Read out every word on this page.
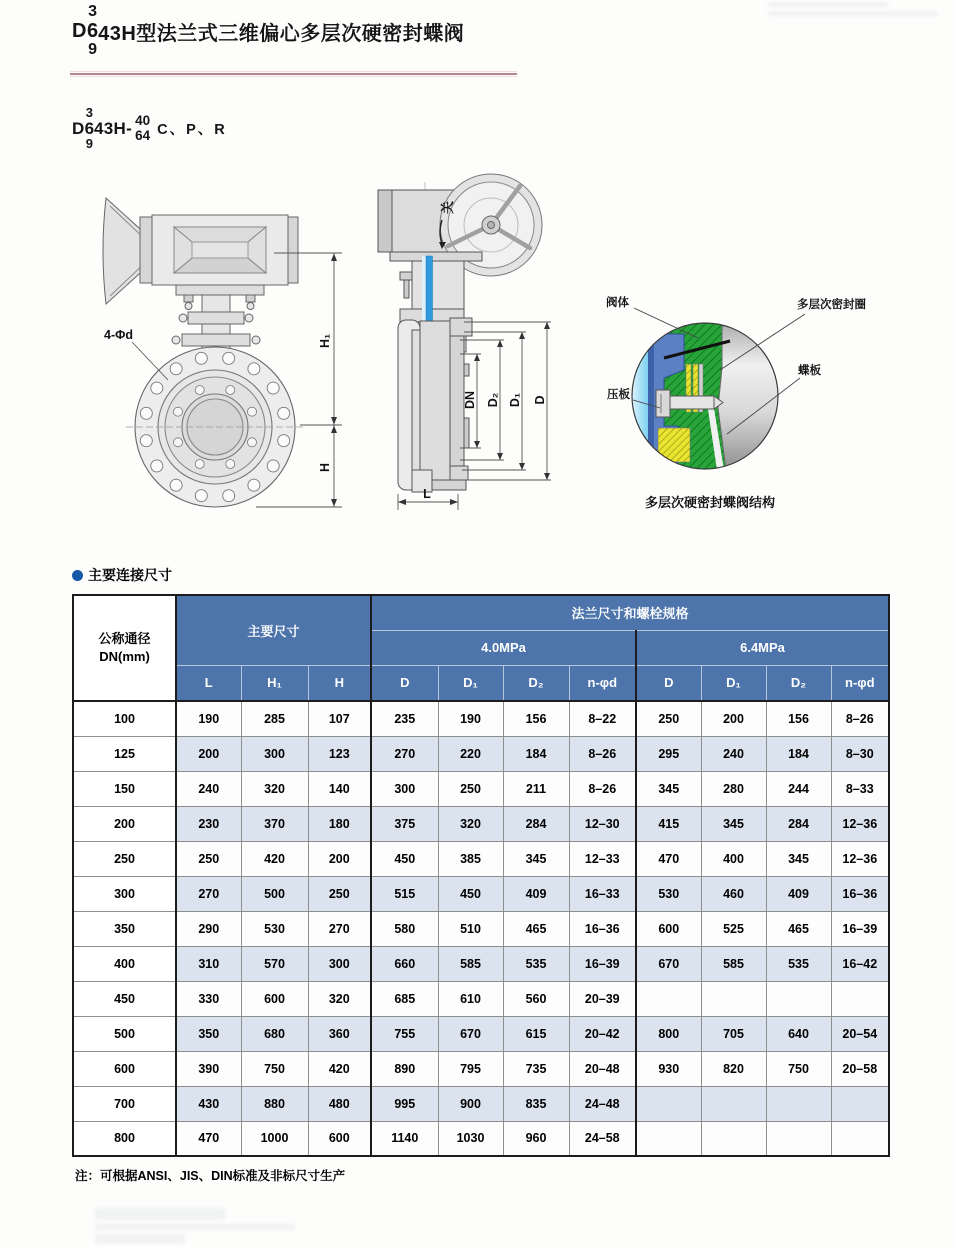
D
3
6
9
43H型法兰式三维偏心多层次硬密封蝶阀
D
3
6
9
43H- 40
64 C、P、R
4-Φd	H₁
H
关
DN D₂ D₁ D
L
阀体	多层次密封圈
蝶板
压板
多层次硬密封蝶阀结构
主要连接尺寸
公称通径
DN(mm)	主要尺寸			法兰尺寸和螺栓规格							
				4.0MPa				6.4MPa			
	L	H₁	H	D	D₁	D₂	n-φd	D	D₁	D₂	n-φd
100	190	285	107	235	190	156	8–22	250	200	156	8–26
125	200	300	123	270	220	184	8–26	295	240	184	8–30
150	240	320	140	300	250	211	8–26	345	280	244	8–33
200	230	370	180	375	320	284	12–30	415	345	284	12–36
250	250	420	200	450	385	345	12–33	470	400	345	12–36
300	270	500	250	515	450	409	16–33	530	460	409	16–36
350	290	530	270	580	510	465	16–36	600	525	465	16–39
400	310	570	300	660	585	535	16–39	670	585	535	16–42
450	330	600	320	685	610	560	20–39				
500	350	680	360	755	670	615	20–42	800	705	640	20–54
600	390	750	420	890	795	735	20–48	930	820	750	20–58
700	430	880	480	995	900	835	24–48				
800	470	1000	600	1140	1030	960	24–58				
注：可根据ANSI、JIS、DIN标准及非标尺寸生产
